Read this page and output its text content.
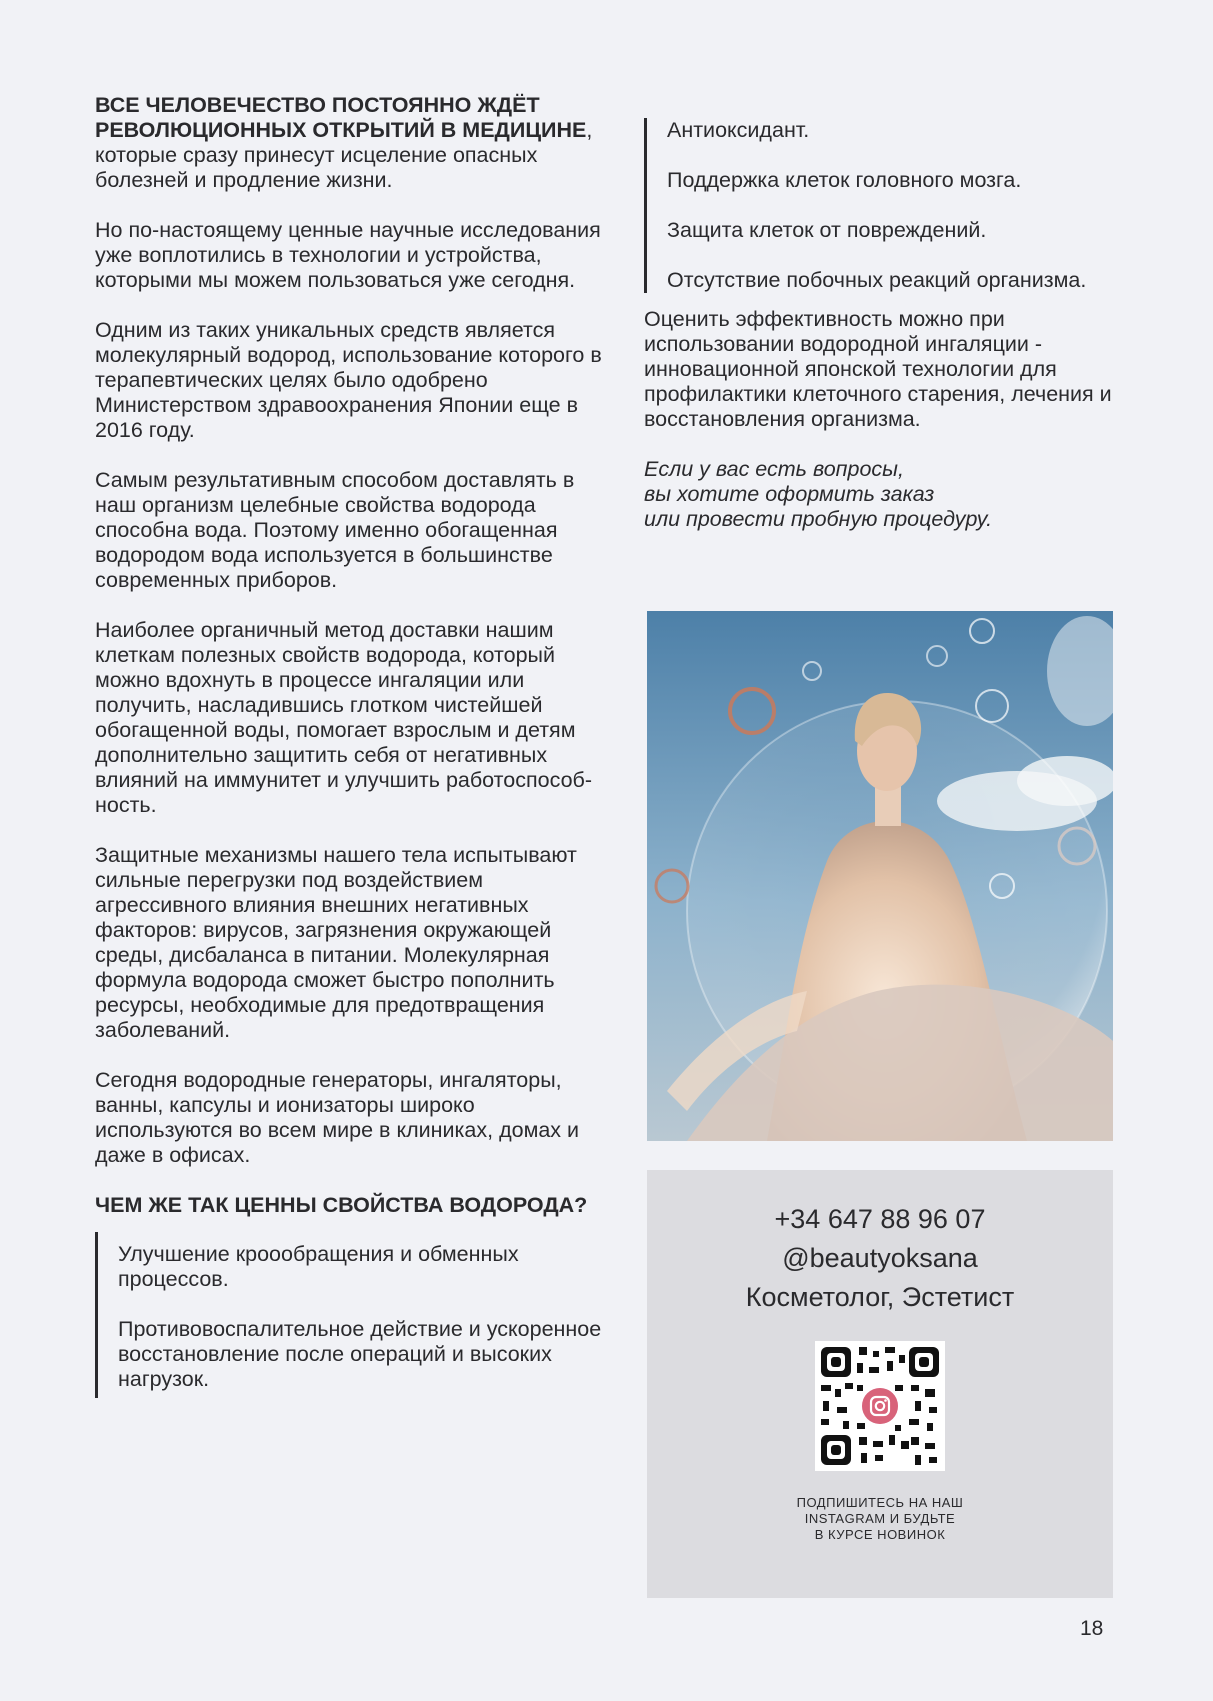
ВСЕ ЧЕЛОВЕЧЕСТВО ПОСТОЯННО ЖДЁТ РЕВОЛЮЦИОННЫХ ОТКРЫТИЙ В МЕДИЦИНЕ, которые сразу принесут исцеление опасных болезней и продление жизни.

Но по-настоящему ценные научные исследования уже воплотились в технологии и устройства, которыми мы можем пользоваться уже сегодня.

Одним из таких уникальных средств является молекулярный водород, использование которого в терапевтических целях было одобрено Министерством здравоохранения Японии еще в 2016 году.

Самым результативным способом доставлять в наш организм целебные свойства водорода способна вода. Поэтому именно обогащенная водородом вода используется в большинстве современных приборов.

Наиболее органичный метод доставки нашим клеткам полезных свойств водорода, который можно вдохнуть в процессе ингаляции или получить, насладившись глотком чистейшей обогащенной воды, помогает взрослым и детям дополнительно защитить себя от негативных влияний на иммунитет и улучшить работоспособ-ность.

Защитные механизмы нашего тела испытывают сильные перегрузки под воздействием агрессивного влияния внешних негативных факторов: вирусов, загрязнения окружающей среды, дисбаланса в питании. Молекулярная формула водорода сможет быстро пополнить ресурсы, необходимые для предотвращения заболеваний.

Сегодня водородные генераторы, ингаляторы, ванны, капсулы и ионизаторы широко используются во всем мире в клиниках, домах и даже в офисах.

ЧЕМ ЖЕ ТАК ЦЕННЫ СВОЙСТВА ВОДОРОДА?

Улучшение кроообращения и обменных процессов.

Противовоспалительное действие и ускоренное восстановление после операций и высоких нагрузок.

Антиоксидант.

Поддержка клеток головного мозга.

Защита клеток от повреждений.

Отсутствие побочных реакций организма.

Оценить эффективность можно при использовании водородной ингаляции - инновационной японской технологии для профилактики клеточного старения, лечения и восстановления организма.

Если у вас есть вопросы,

вы хотите оформить заказ

или провести пробную процедуру.

+34 647 88 96 07
@beautyoksana
Косметолог, Эстетист
ПОДПИШИТЕСЬ НА НАШ
INSTAGRAM И БУДЬТЕ
В КУРСЕ НОВИНОК
18
